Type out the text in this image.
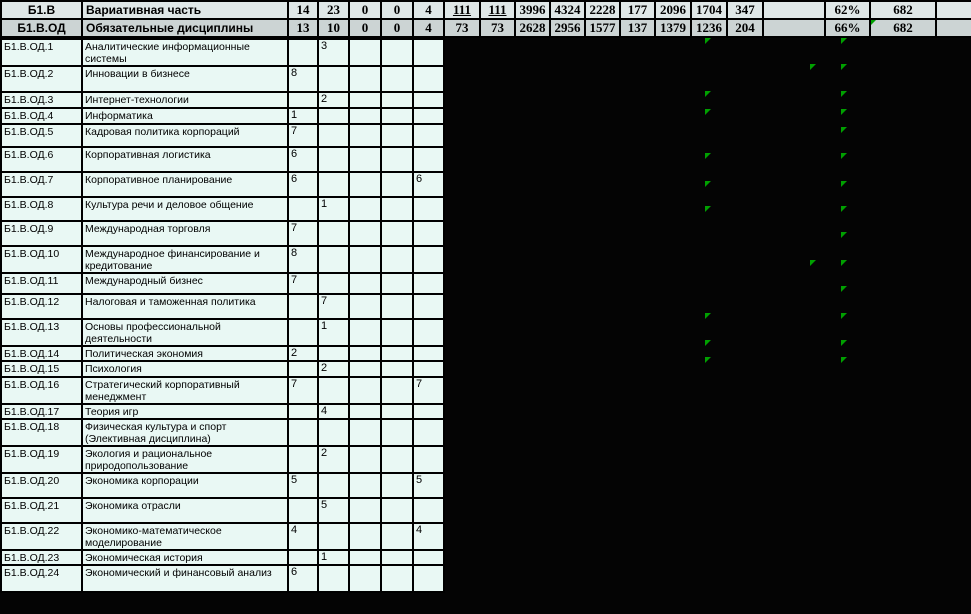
Б1.В	Вариативная часть	14	23	0	0	4	111	111	3996	4324	2228	177	2096	1704	347		62%	682	
Б1.В.ОД	Обязательные дисциплины	13	10	0	0	4	73	73	2628	2956	1577	137	1379	1236	204		66%	682	
Б1.В.ОД.1	Аналитические информационные системы		3			
Б1.В.ОД.2	Инновации в бизнесе	8				
Б1.В.ОД.3	Интернет-технологии		2			
Б1.В.ОД.4	Информатика	1				
Б1.В.ОД.5	Кадровая политика корпораций	7				
Б1.В.ОД.6	Корпоративная логистика	6				
Б1.В.ОД.7	Корпоративное планирование	6				6
Б1.В.ОД.8	Культура речи и деловое общение		1			
Б1.В.ОД.9	Международная торговля	7				
Б1.В.ОД.10	Международное финансирование и кредитование	8				
Б1.В.ОД.11	Международный бизнес	7				
Б1.В.ОД.12	Налоговая и таможенная политика		7			
Б1.В.ОД.13	Основы профессиональной деятельности		1			
Б1.В.ОД.14	Политическая экономия	2				
Б1.В.ОД.15	Психология		2			
Б1.В.ОД.16	Стратегический корпоративный менеджмент	7				7
Б1.В.ОД.17	Теория игр		4			
Б1.В.ОД.18	Физическая культура и спорт (Элективная дисциплина)					
Б1.В.ОД.19	Экология и рациональное природопользование		2			
Б1.В.ОД.20	Экономика корпорации	5				5
Б1.В.ОД.21	Экономика отрасли		5			
Б1.В.ОД.22	Экономико-математическое моделирование	4				4
Б1.В.ОД.23	Экономическая история		1			
Б1.В.ОД.24	Экономический и финансовый анализ	6				
